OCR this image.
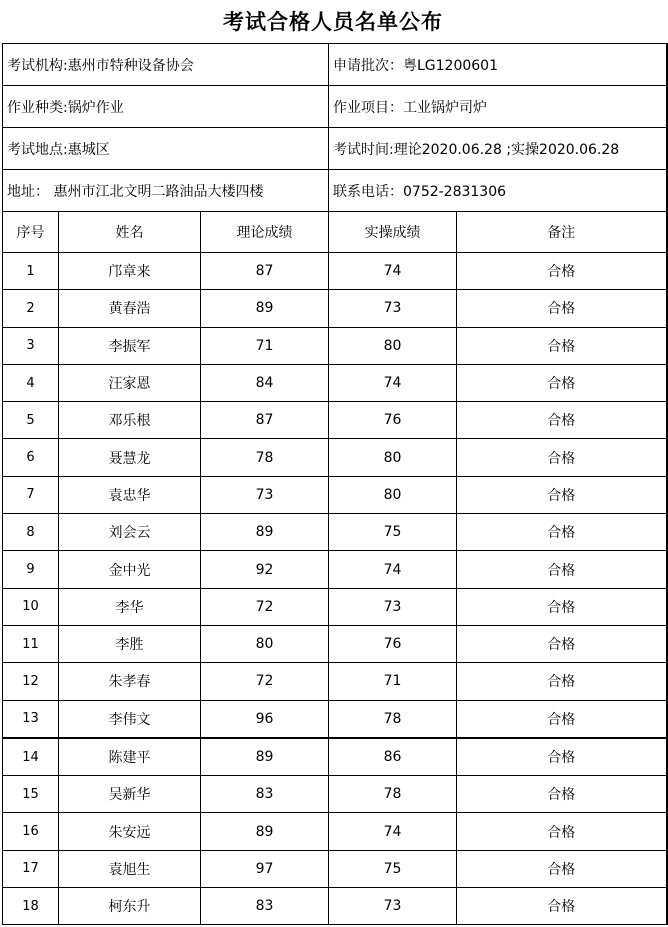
考试合格人员名单公布
考试机构:惠州市特种设备协会			申请批次：粤LG1200601	
作业种类:锅炉作业			作业项目：工业锅炉司炉	
考试地点:惠城区			考试时间:理论2020.06.28 ;实操2020.06.28	
地址： 惠州市江北文明二路油品大楼四楼			联系电话：0752-2831306	
序号	姓名	理论成绩	实操成绩	备注
1	邝章来	87	74	合格
2	黄春浩	89	73	合格
3	李振军	71	80	合格
4	汪家恩	84	74	合格
5	邓乐根	87	76	合格
6	聂慧龙	78	80	合格
7	袁忠华	73	80	合格
8	刘会云	89	75	合格
9	金中光	92	74	合格
10	李华	72	73	合格
11	李胜	80	76	合格
12	朱孝春	72	71	合格
13	李伟文	96	78	合格
14	陈建平	89	86	合格
15	吴新华	83	78	合格
16	朱安远	89	74	合格
17	袁旭生	97	75	合格
18	柯东升	83	73	合格
